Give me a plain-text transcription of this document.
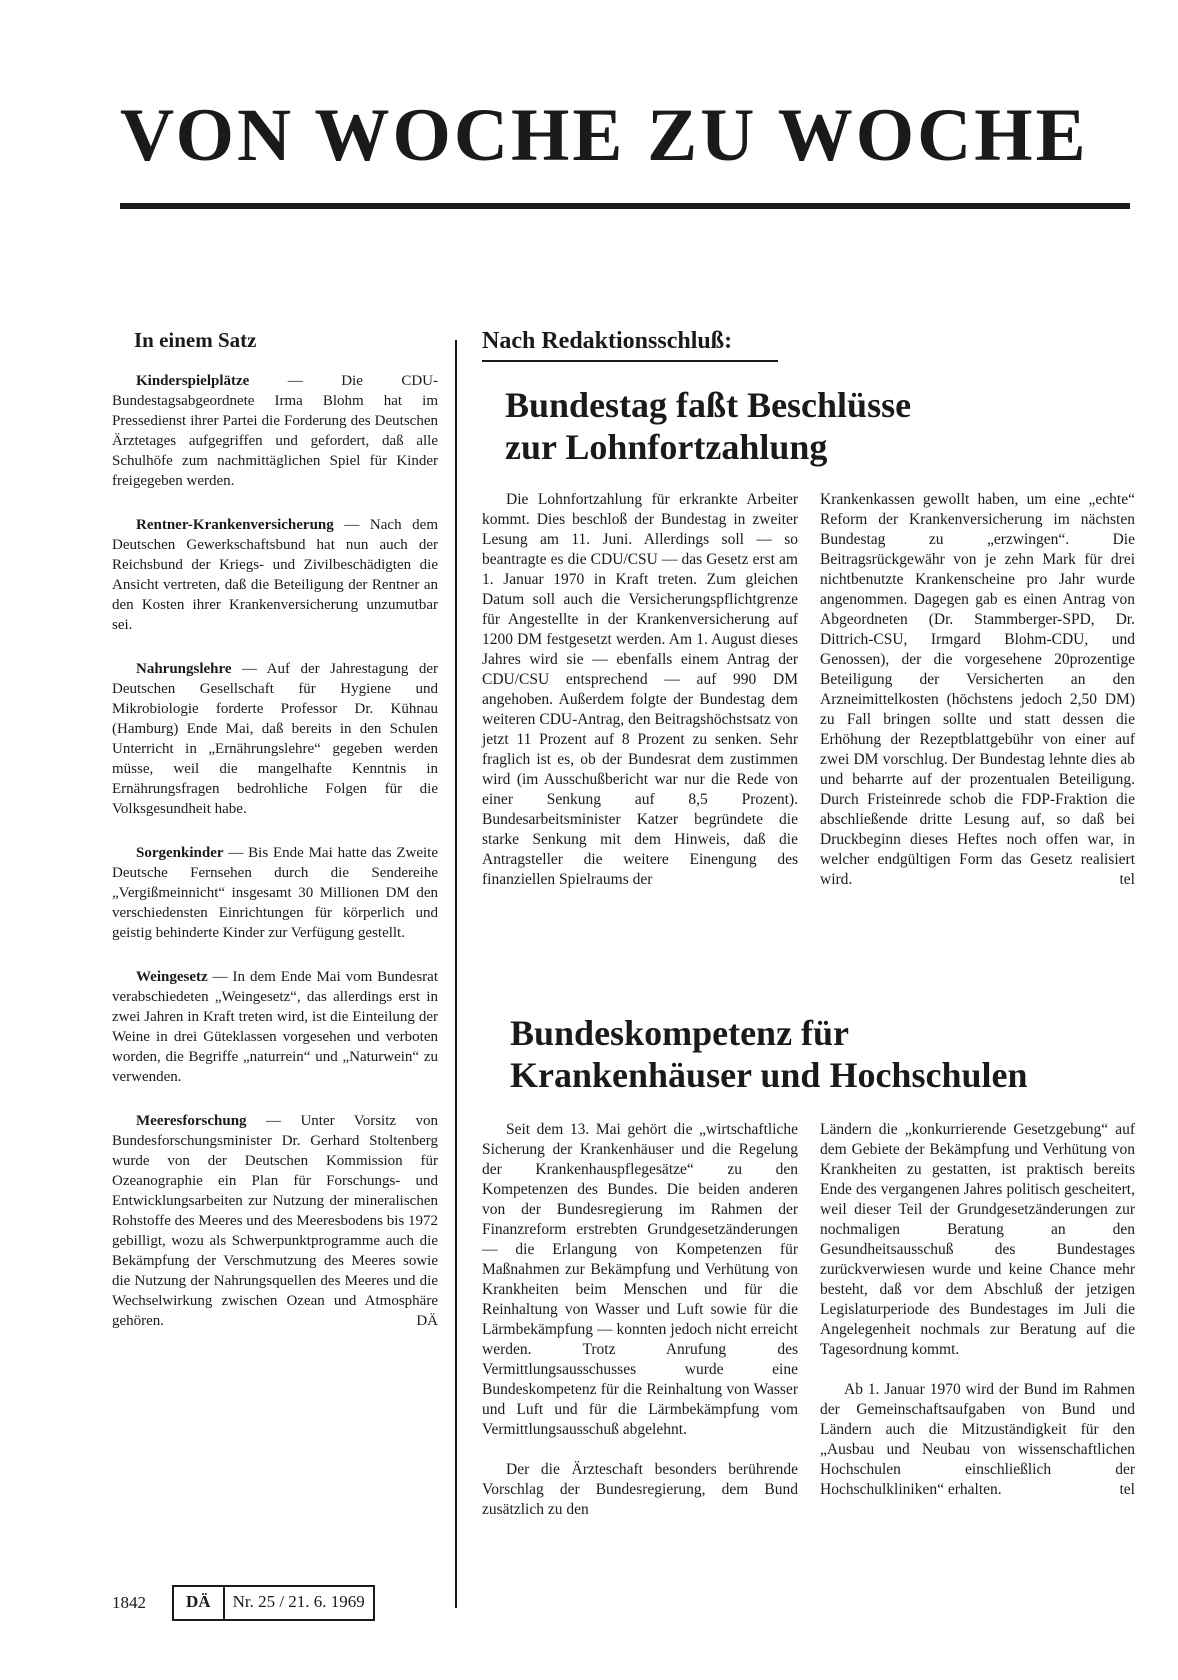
VON WOCHE ZU WOCHE
In einem Satz
Kinderspielplätze — Die CDU-Bundestagsabgeordnete Irma Blohm hat im Pressedienst ihrer Partei die Forderung des Deutschen Ärztetages aufgegriffen und gefordert, daß alle Schulhöfe zum nachmittäglichen Spiel für Kinder freigegeben werden.
Rentner-Krankenversicherung — Nach dem Deutschen Gewerkschaftsbund hat nun auch der Reichsbund der Kriegs- und Zivilbeschädigten die Ansicht vertreten, daß die Beteiligung der Rentner an den Kosten ihrer Krankenversicherung unzumutbar sei.
Nahrungslehre — Auf der Jahrestagung der Deutschen Gesellschaft für Hygiene und Mikrobiologie forderte Professor Dr. Kühnau (Hamburg) Ende Mai, daß bereits in den Schulen Unterricht in „Ernährungslehre“ gegeben werden müsse, weil die mangelhafte Kenntnis in Ernährungsfragen bedrohliche Folgen für die Volksgesundheit habe.
Sorgenkinder — Bis Ende Mai hatte das Zweite Deutsche Fernsehen durch die Sendereihe „Vergißmeinnicht“ insgesamt 30 Millionen DM den verschiedensten Einrichtungen für körperlich und geistig behinderte Kinder zur Verfügung gestellt.
Weingesetz — In dem Ende Mai vom Bundesrat verabschiedeten „Weingesetz“, das allerdings erst in zwei Jahren in Kraft treten wird, ist die Einteilung der Weine in drei Güteklassen vorgesehen und verboten worden, die Begriffe „naturrein“ und „Naturwein“ zu verwenden.
Meeresforschung — Unter Vorsitz von Bundesforschungsminister Dr. Gerhard Stoltenberg wurde von der Deutschen Kommission für Ozeanographie ein Plan für Forschungs- und Entwicklungsarbeiten zur Nutzung der mineralischen Rohstoffe des Meeres und des Meeresbodens bis 1972 gebilligt, wozu als Schwerpunktprogramme auch die Bekämpfung der Verschmutzung des Meeres sowie die Nutzung der Nahrungsquellen des Meeres und die Wechselwirkung zwischen Ozean und Atmosphäre gehören.	DÄ
Nach Redaktionsschluß:
Bundestag faßt Beschlüsse
zur Lohnfortzahlung

Die Lohnfortzahlung für erkrankte Arbeiter kommt. Dies beschloß der Bundestag in zweiter Lesung am 11. Juni. Allerdings soll — so beantragte es die CDU/CSU — das Gesetz erst am 1. Januar 1970 in Kraft treten. Zum gleichen Datum soll auch die Versicherungspflichtgrenze für Angestellte in der Krankenversicherung auf 1200 DM festgesetzt werden. Am 1. August dieses Jahres wird sie — ebenfalls einem Antrag der CDU/CSU entsprechend — auf 990 DM angehoben. Außerdem folgte der Bundestag dem weiteren CDU-Antrag, den Beitragshöchstsatz von jetzt 11 Prozent auf 8 Prozent zu senken. Sehr fraglich ist es, ob der Bundesrat dem zustimmen wird (im Ausschußbericht war nur die Rede von einer Senkung auf 8,5 Prozent). Bundesarbeitsminister Katzer begründete die starke Senkung mit dem Hinweis, daß die Antragsteller die weitere Einengung des finanziellen Spielraums der

Krankenkassen gewollt haben, um eine „echte“ Reform der Krankenversicherung im nächsten Bundestag zu „erzwingen“. Die Beitragsrückgewähr von je zehn Mark für drei nichtbenutzte Krankenscheine pro Jahr wurde angenommen. Dagegen gab es einen Antrag von Abgeordneten (Dr. Stammberger-SPD, Dr. Dittrich-CSU, Irmgard Blohm-CDU, und Genossen), der die vorgesehene 20prozentige Beteiligung der Versicherten an den Arzneimittelkosten (höchstens jedoch 2,50 DM) zu Fall bringen sollte und statt dessen die Erhöhung der Rezeptblattgebühr von einer auf zwei DM vorschlug. Der Bundestag lehnte dies ab und beharrte auf der prozentualen Beteiligung. Durch Fristeinrede schob die FDP-Fraktion die abschließende dritte Lesung auf, so daß bei Druckbeginn dieses Heftes noch offen war, in welcher endgültigen Form das Gesetz realisiert wird.	tel

Bundeskompetenz für
Krankenhäuser und Hochschulen

Seit dem 13. Mai gehört die „wirtschaftliche Sicherung der Krankenhäuser und die Regelung der Krankenhauspflegesätze“ zu den Kompetenzen des Bundes. Die beiden anderen von der Bundesregierung im Rahmen der Finanzreform erstrebten Grundgesetzänderungen — die Erlangung von Kompetenzen für Maßnahmen zur Bekämpfung und Verhütung von Krankheiten beim Menschen und für die Reinhaltung von Wasser und Luft sowie für die Lärmbekämpfung — konnten jedoch nicht erreicht werden. Trotz Anrufung des Vermittlungsausschusses wurde eine Bundeskompetenz für die Reinhaltung von Wasser und Luft und für die Lärmbekämpfung vom Vermittlungsausschuß abgelehnt.

Der die Ärzteschaft besonders berührende Vorschlag der Bundesregierung, dem Bund zusätzlich zu den

Ländern die „konkurrierende Gesetzgebung“ auf dem Gebiete der Bekämpfung und Verhütung von Krankheiten zu gestatten, ist praktisch bereits Ende des vergangenen Jahres politisch gescheitert, weil dieser Teil der Grundgesetzänderungen zur nochmaligen Beratung an den Gesundheitsausschuß des Bundestages zurückverwiesen wurde und keine Chance mehr besteht, daß vor dem Abschluß der jetzigen Legislaturperiode des Bundestages im Juli die Angelegenheit nochmals zur Beratung auf die Tagesordnung kommt.

Ab 1. Januar 1970 wird der Bund im Rahmen der Gemeinschaftsaufgaben von Bund und Ländern auch die Mitzuständigkeit für den „Ausbau und Neubau von wissenschaftlichen Hochschulen einschließlich der Hochschulkliniken“ erhalten.	tel

1842	DÄ	Nr. 25 / 21. 6. 1969
